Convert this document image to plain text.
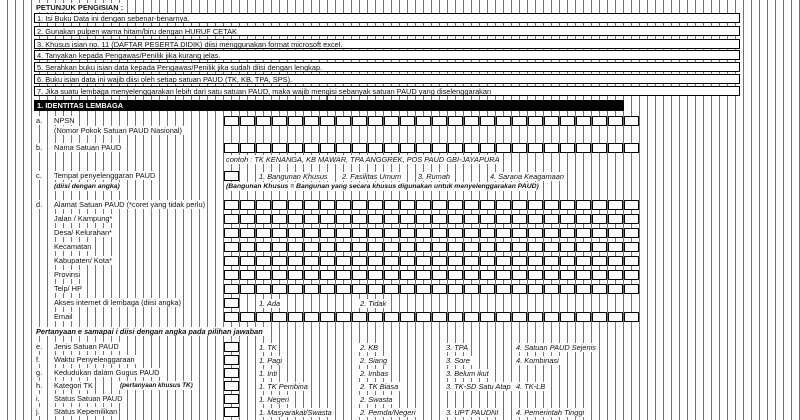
PETUNJUK PENGISIAN :
1. Isi Buku Data ini dengan sebenar-benarnya.
2. Gunakan pulpen warna hitam/biru dengan HURUF CETAK
3. Khusus isian no. 11 (DAFTAR PESERTA DIDIK) diisi menggunakan format microsoft excel.
4. Tanyakan kepada Pengawas/Penilik jika kurang jelas.
5. Serahkan buku isian data kepada Pengawas/Penilik jika sudah diisi dengan lengkap.
6. Buku isian data ini wajib diisi oleh setiap satuan PAUD (TK, KB, TPA, SPS).
7. Jika suatu lembaga menyelenggarakan lebih dari satu satuan PAUD, maka wajib mengisi sebanyak satuan PAUD yang diselenggarakan
1. IDENTITAS LEMBAGA
a. NPSN
(Nomor Pokok Satuan PAUD Nasional)
b. Nama Satuan PAUD
contoh : TK KENANGA, KB MAWAR, TPA ANGGREK, POS PAUD GBI-JAYAPURA
c. Tempat penyelenggaran PAUD
(diisi dengan angka)
1. Bangunan Khusus 2. Fasilitas Umum 3. Rumah	4. Sarana Keagamaan
(Bangunan Khusus = Bangunan yang secara khusus digunakan untuk menyelenggarakan PAUD)
d. Alamat Satuan PAUD (*coret yang tidak perlu)
Jalan / Kampung*
Desa/ Kelurahan*
Kecamatan
Kabupaten/ Kota*
Provinsi
Telp/ HP
Akses internet di lembaga (diisi angka)	1. Ada	2. Tidak
Email
Pertanyaan e samapai i diisi dengan angka pada pilihan jawaban
e. Jenis Satuan PAUD	1. TK	2. KB	3. TPA	4. Satuan PAUD Sejenis
f. Waktu Penyelenggaraan	1. Pagi	2. Siang	3. Sore	4. Kombinasi
g. Kedudukan dalam Gugus PAUD	1. Inti	2. Imbas	3. Belum ikut
h. Kategori TK	(pertanyaan khusus TK)	1. TK Pembina	2. TK Biasa	3. TK-SD Satu Atap 4. TK-LB
i. Status Satuan PAUD	1. Negeri	2. Swasta
j. Status Kepemilikan	1. Masyarakat/Swasta	2. Pemda/Negeri	3. UPT PAUDNI 4. Pemerintah Tinggi
